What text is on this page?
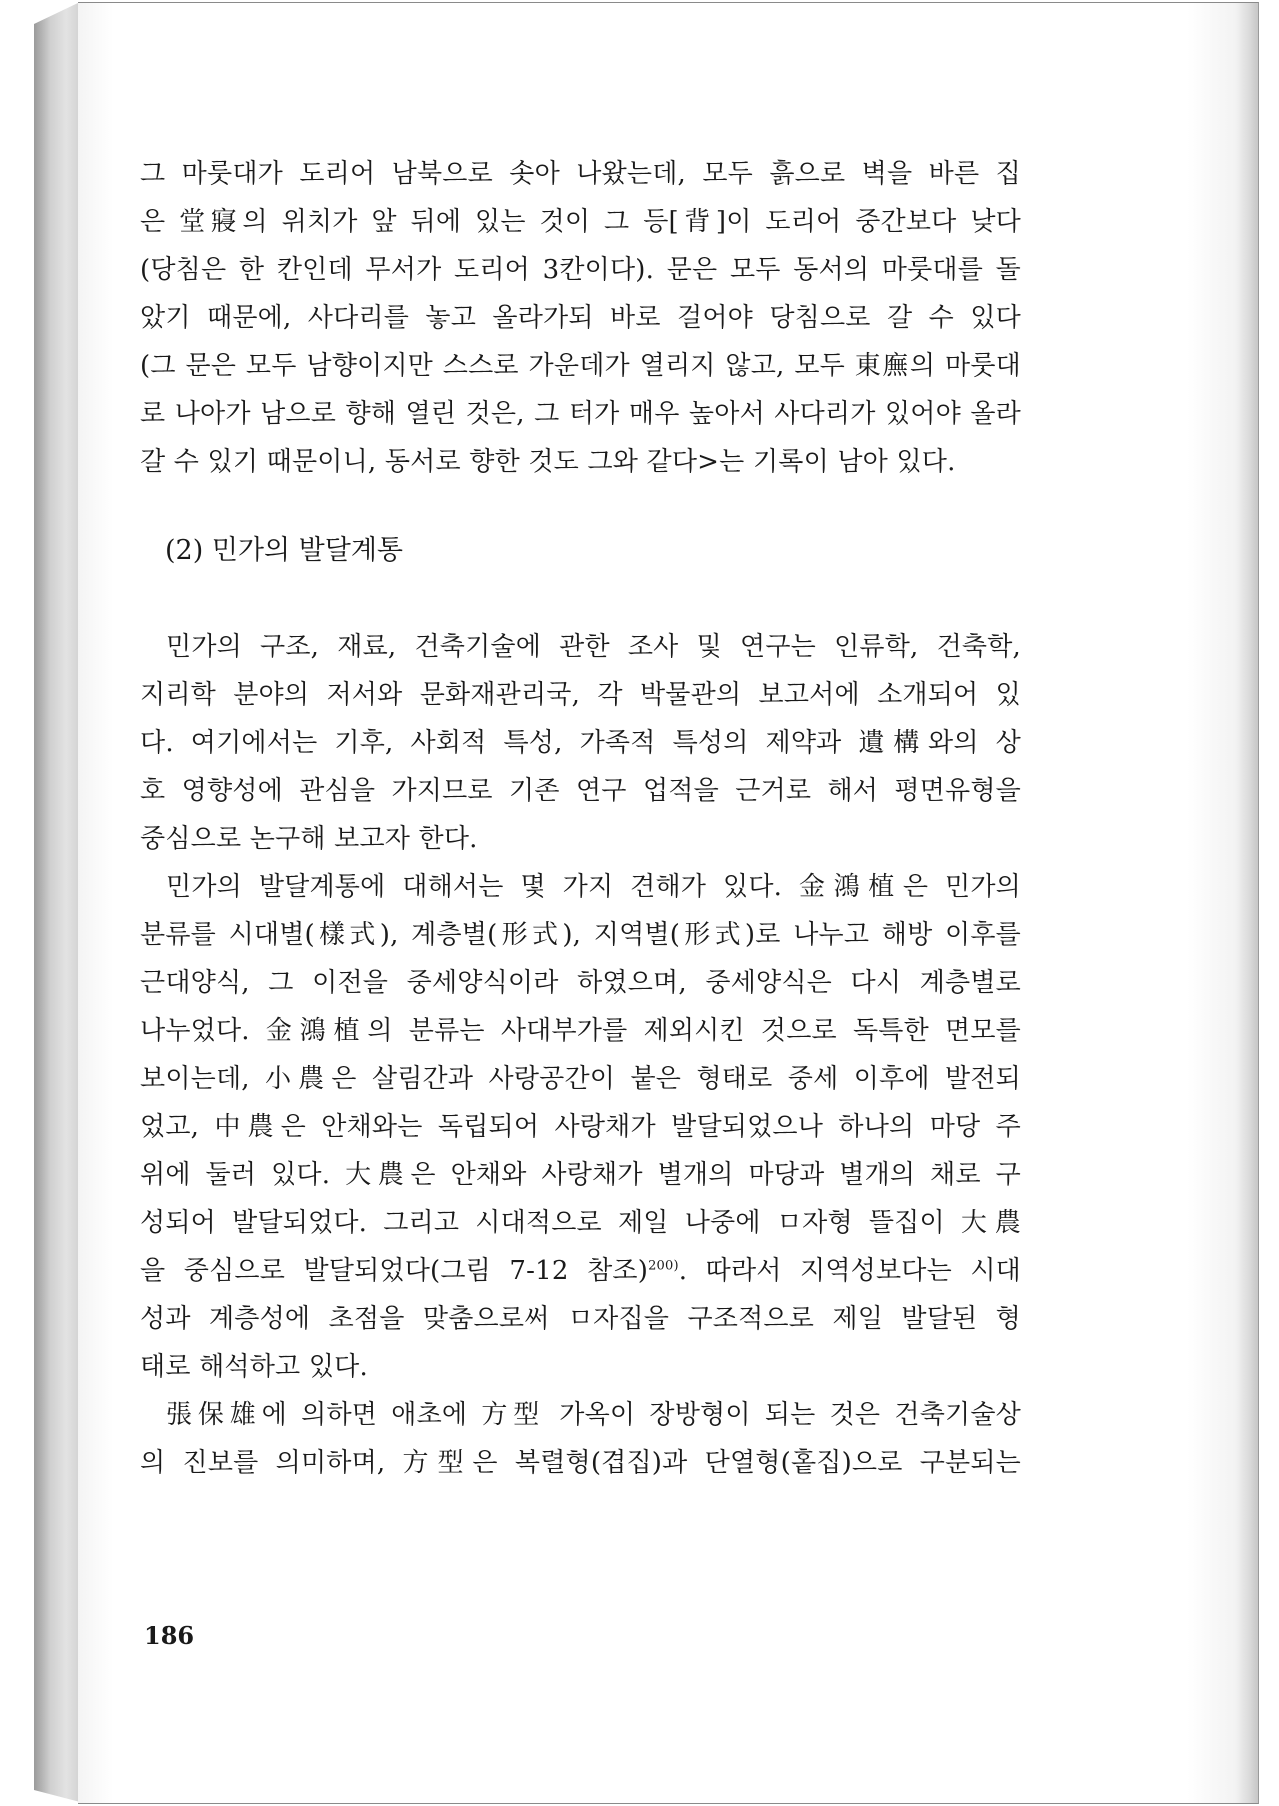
그 마룻대가 도리어 남북으로 솟아 나왔는데, 모두 흙으로 벽을 바른 집
은 堂寢의 위치가 앞 뒤에 있는 것이 그 등[背]이 도리어 중간보다 낮다
(당침은 한 칸인데 무서가 도리어 3칸이다). 문은 모두 동서의 마룻대를 돌
았기 때문에, 사다리를 놓고 올라가되 바로 걸어야 당침으로 갈 수 있다
(그 문은 모두 남향이지만 스스로 가운데가 열리지 않고, 모두 東廡의 마룻대
로 나아가 남으로 향해 열린 것은, 그 터가 매우 높아서 사다리가 있어야 올라
갈 수 있기 때문이니, 동서로 향한 것도 그와 같다>는 기록이 남아 있다.
(2) 민가의 발달계통
민가의 구조, 재료, 건축기술에 관한 조사 및 연구는 인류학, 건축학,
지리학 분야의 저서와 문화재관리국, 각 박물관의 보고서에 소개되어 있
다. 여기에서는 기후, 사회적 특성, 가족적 특성의 제약과 遺構와의 상
호 영향성에 관심을 가지므로 기존 연구 업적을 근거로 해서 평면유형을
중심으로 논구해 보고자 한다.
민가의 발달계통에 대해서는 몇 가지 견해가 있다. 金鴻植은 민가의
분류를 시대별(樣式), 계층별(形式), 지역별(形式)로 나누고 해방 이후를
근대양식, 그 이전을 중세양식이라 하였으며, 중세양식은 다시 계층별로
나누었다. 金鴻植의 분류는 사대부가를 제외시킨 것으로 독특한 면모를
보이는데, 小農은 살림간과 사랑공간이 붙은 형태로 중세 이후에 발전되
었고, 中農은 안채와는 독립되어 사랑채가 발달되었으나 하나의 마당 주
위에 둘러 있다. 大農은 안채와 사랑채가 별개의 마당과 별개의 채로 구
성되어 발달되었다. 그리고 시대적으로 제일 나중에 ㅁ자형 뜰집이 大農
을 중심으로 발달되었다(그림 7-12 참조)$^{200)}$. 따라서 지역성보다는 시대
성과 계층성에 초점을 맞춤으로써 ㅁ자집을 구조적으로 제일 발달된 형
태로 해석하고 있다.
張保雄에 의하면 애초에 方型 가옥이 장방형이 되는 것은 건축기술상
의 진보를 의미하며, 方型은 복렬형(겹집)과 단열형(홑집)으로 구분되는
186
